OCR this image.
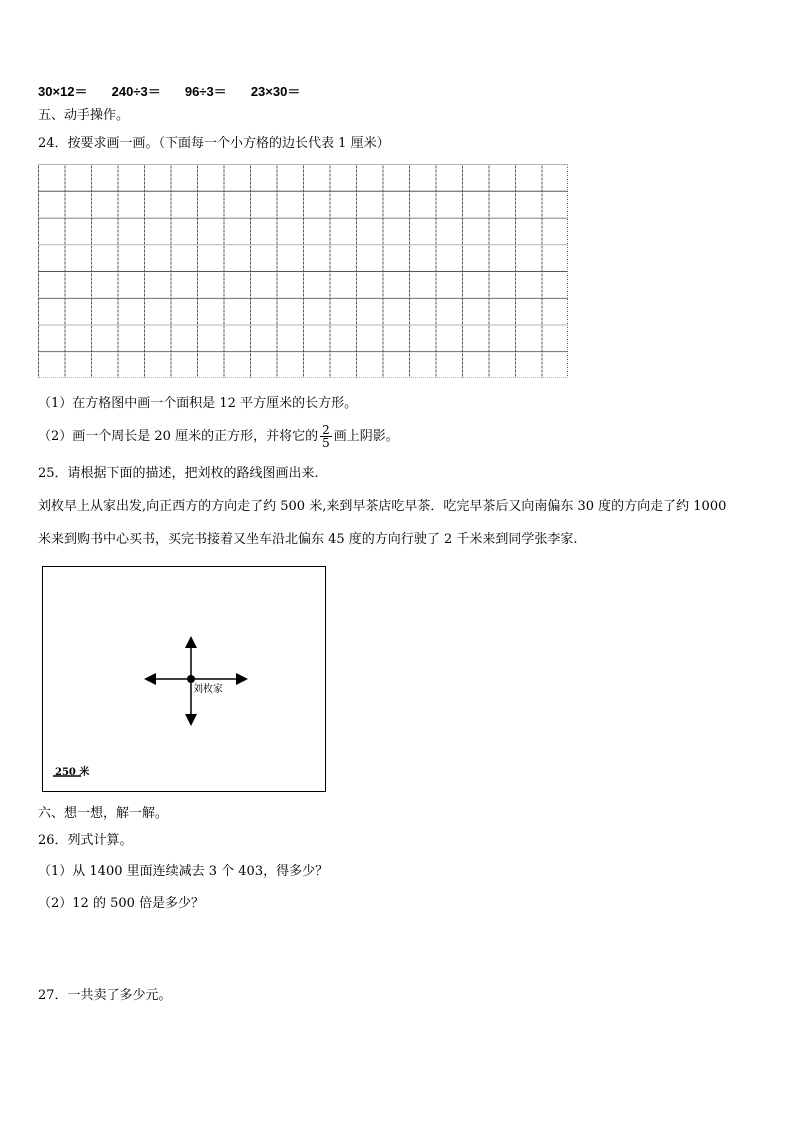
30×12＝ 240÷3＝ 96÷3＝ 23×30＝
五、动手操作。
24．按要求画一画。（下面每一个小方格的边长代表 1 厘米）
（1）在方格图中画一个面积是 12 平方厘米的长方形。
（2）画一个周长是 20 厘米的正方形，并将它的 $\frac{2}{5}$ 画上阴影。
25．请根据下面的描述，把刘枚的路线图画出来.
刘枚早上从家出发,向正西方的方向走了约 500 米,来到早茶店吃早茶．吃完早茶后又向南偏东 30 度的方向走了约 1000
米来到购书中心买书，买完书接着又坐车沿北偏东 45 度的方向行驶了 2 千米来到同学张李家.
刘枚家
250 米
六、想一想，解一解。
26．列式计算。
（1）从 1400 里面连续减去 3 个 403，得多少？
（2）12 的 500 倍是多少？
27．一共卖了多少元。
